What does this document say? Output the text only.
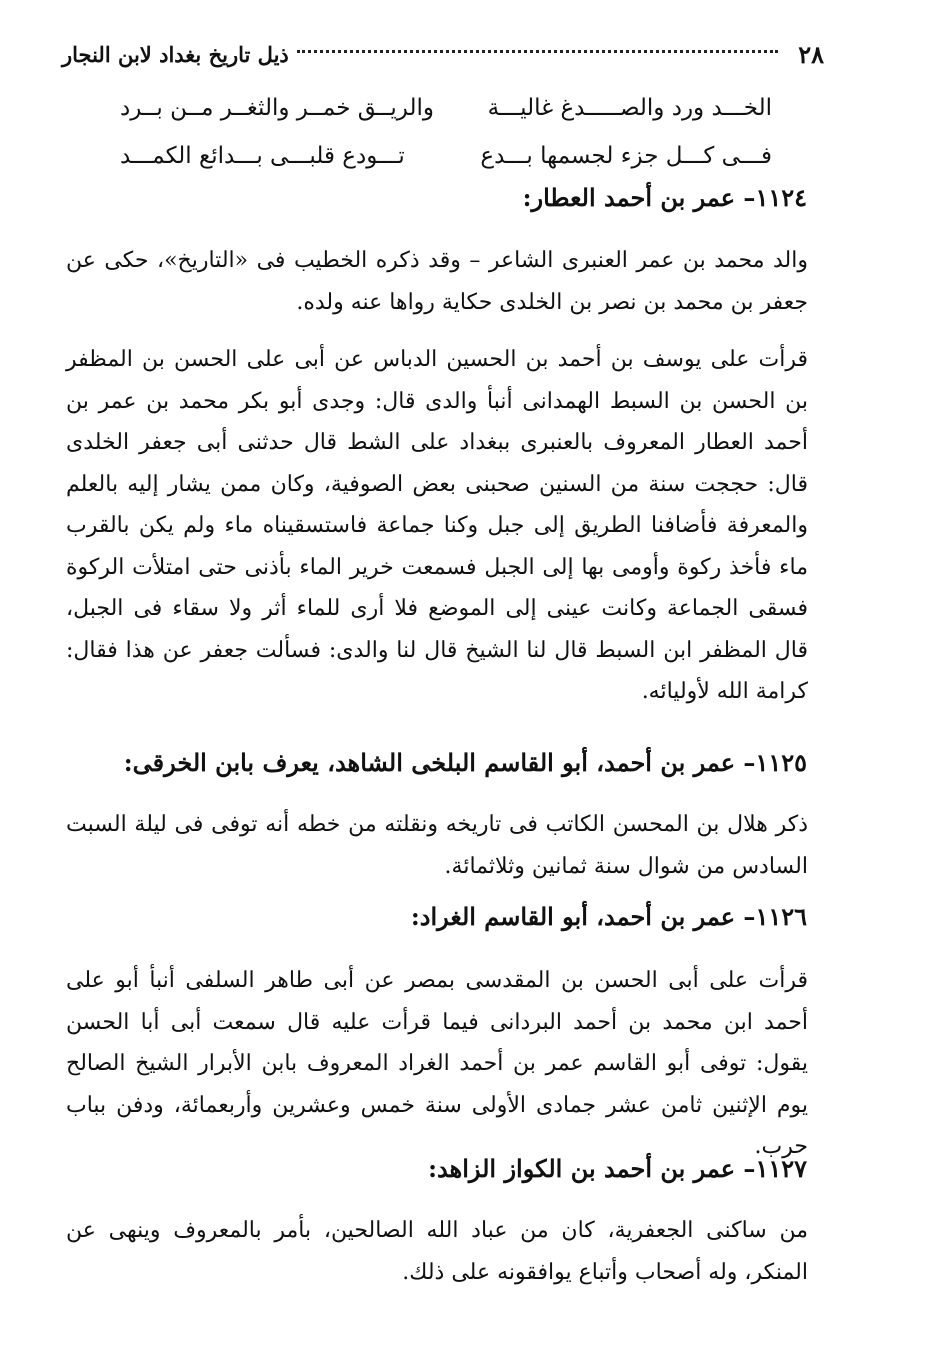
٢٨
ذيل تاريخ بغداد لابن النجار
الخـــد ورد والصـــــدغ غاليـــة
والريــق خمــر والثغــر مــن بــرد
فـــى كـــل جزء لجسمها بـــدع
تـــودع قلبـــى بـــدائع الكمـــد
١١٢٤– عمر بن أحمد العطار:
والد محمد بن عمر العنبرى الشاعر – وقد ذكره الخطيب فى «التاريخ»، حكى عن جعفر بن محمد بن نصر بن الخلدى حكاية رواها عنه ولده.
قرأت على يوسف بن أحمد بن الحسين الدباس عن أبى على الحسن بن المظفر بن الحسن بن السبط الهمدانى أنبأ والدى قال: وجدى أبو بكر محمد بن عمر بن أحمد العطار المعروف بالعنبرى ببغداد على الشط قال حدثنى أبى جعفر الخلدى قال: حججت سنة من السنين صحبنى بعض الصوفية، وكان ممن يشار إليه بالعلم والمعرفة فأضافنا الطريق إلى جبل وكنا جماعة فاستسقيناه ماء ولم يكن بالقرب ماء فأخذ ركوة وأومى بها إلى الجبل فسمعت خرير الماء بأذنى حتى امتلأت الركوة فسقى الجماعة وكانت عينى إلى الموضع فلا أرى للماء أثر ولا سقاء فى الجبل، قال المظفر ابن السبط قال لنا الشيخ قال لنا والدى: فسألت جعفر عن هذا فقال: كرامة الله لأوليائه.
١١٢٥– عمر بن أحمد، أبو القاسم البلخى الشاهد، يعرف بابن الخرقى:
ذكر هلال بن المحسن الكاتب فى تاريخه ونقلته من خطه أنه توفى فى ليلة السبت السادس من شوال سنة ثمانين وثلاثمائة.
١١٢٦– عمر بن أحمد، أبو القاسم الغراد:
قرأت على أبى الحسن بن المقدسى بمصر عن أبى طاهر السلفى أنبأ أبو على أحمد ابن محمد بن أحمد البردانى فيما قرأت عليه قال سمعت أبى أبا الحسن يقول: توفى أبو القاسم عمر بن أحمد الغراد المعروف بابن الأبرار الشيخ الصالح يوم الإثنين ثامن عشر جمادى الأولى سنة خمس وعشرين وأربعمائة، ودفن بباب حرب.
١١٢٧– عمر بن أحمد بن الكواز الزاهد:
من ساكنى الجعفرية، كان من عباد الله الصالحين، بأمر بالمعروف وينهى عن المنكر، وله أصحاب وأتباع يوافقونه على ذلك.
